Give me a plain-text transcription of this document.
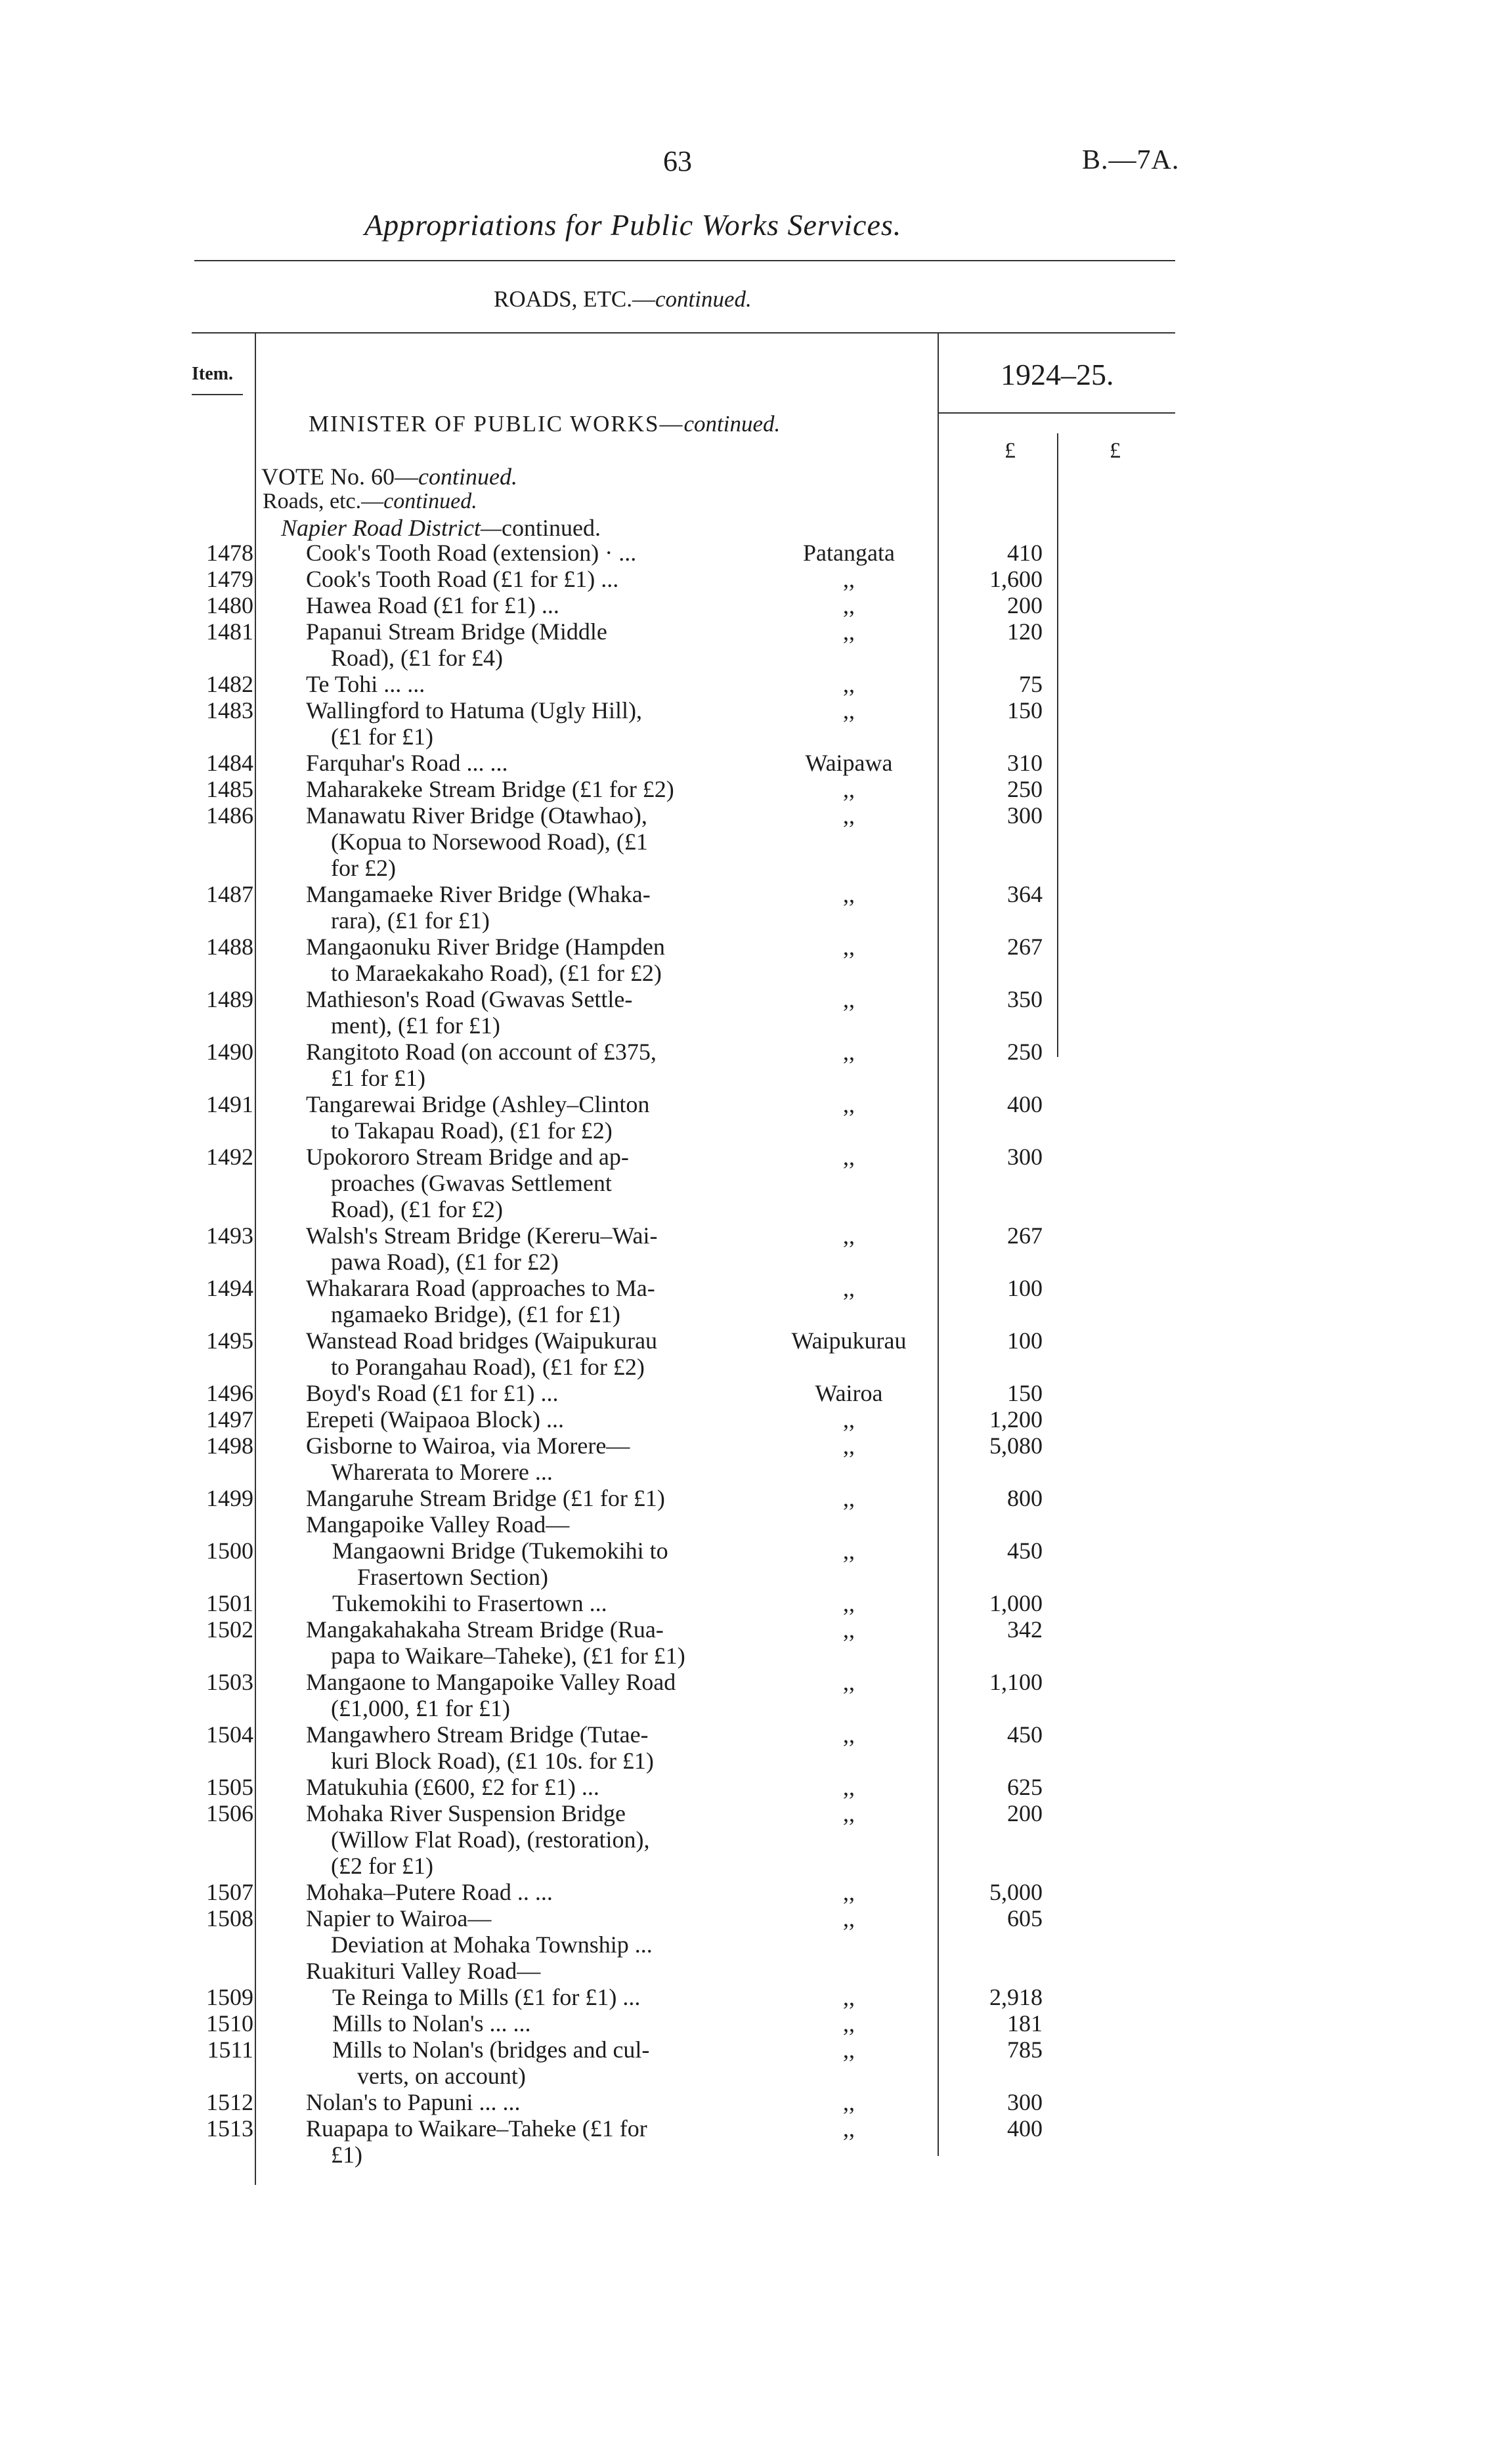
63	B.—7A.
Appropriations for Public Works Services.
ROADS, ETC.—continued.
Item.	1924–25.
£	£
MINISTER OF PUBLIC WORKS—continued.
VOTE No. 60—continued.
Roads, etc.—continued.
Napier Road District—continued.
1478 Cook's Tooth Road (extension) · ...	Patangata	410
1479 Cook's Tooth Road (£1 for £1) ...	,,	1,600
1480 Hawea Road (£1 for £1) ...	,,	200
1481 Papanui Stream Bridge (Middle
Road), (£1 for £4)
,,	120
1482 Te Tohi ... ...	,,	75
1483 Wallingford to Hatuma (Ugly Hill),
(£1 for £1)
,,	150
1484 Farquhar's Road ... ...	Waipawa	310
1485 Maharakeke Stream Bridge (£1 for £2)	,,	250
1486 Manawatu River Bridge (Otawhao),
(Kopua to Norsewood Road), (£1
for £2)
,,	300
1487 Mangamaeke River Bridge (Whaka-
rara), (£1 for £1)
,,	364
1488 Mangaonuku River Bridge (Hampden
to Maraekakaho Road), (£1 for £2)
,,	267
1489 Mathieson's Road (Gwavas Settle-
ment), (£1 for £1)
,,	350
1490 Rangitoto Road (on account of £375,
£1 for £1)
,,	250
1491 Tangarewai Bridge (Ashley–Clinton
to Takapau Road), (£1 for £2)
,,	400
1492 Upokororo Stream Bridge and ap-
proaches (Gwavas Settlement
Road), (£1 for £2)
,,	300
1493 Walsh's Stream Bridge (Kereru–Wai-
pawa Road), (£1 for £2)
,,	267
1494 Whakarara Road (approaches to Ma-
ngamaeko Bridge), (£1 for £1)
,,	100
1495 Wanstead Road bridges (Waipukurau
to Porangahau Road), (£1 for £2)
Waipukurau	100
1496 Boyd's Road (£1 for £1) ...	Wairoa	150
1497 Erepeti (Waipaoa Block) ...	,,	1,200
1498 Gisborne to Wairoa, via Morere—
Wharerata to Morere ...
,,	5,080
1499 Mangaruhe Stream Bridge (£1 for £1)	,,	800
Mangapoike Valley Road—
1500	Mangaowni Bridge (Tukemokihi to
Frasertown Section)
,,	450
1501	Tukemokihi to Frasertown ...	,,	1,000
1502 Mangakahakaha Stream Bridge (Rua-
papa to Waikare–Taheke), (£1 for £1)
,,	342
1503 Mangaone to Mangapoike Valley Road
(£1,000, £1 for £1)
,,	1,100
1504 Mangawhero Stream Bridge (Tutae-
kuri Block Road), (£1 10s. for £1)
,,	450
1505 Matukuhia (£600, £2 for £1) ...	,,	625
1506 Mohaka River Suspension Bridge
(Willow Flat Road), (restoration),
(£2 for £1)
,,	200
1507 Mohaka–Putere Road .. ...	,,	5,000
1508 Napier to Wairoa—
Deviation at Mohaka Township ...
,,	605
Ruakituri Valley Road—
1509	Te Reinga to Mills (£1 for £1) ...	,,	2,918
1510	Mills to Nolan's ... ...	,,	181
1511	Mills to Nolan's (bridges and cul-
verts, on account)
,,	785
1512 Nolan's to Papuni ... ...	,,	300
1513 Ruapapa to Waikare–Taheke (£1 for
£1)
,,	400
